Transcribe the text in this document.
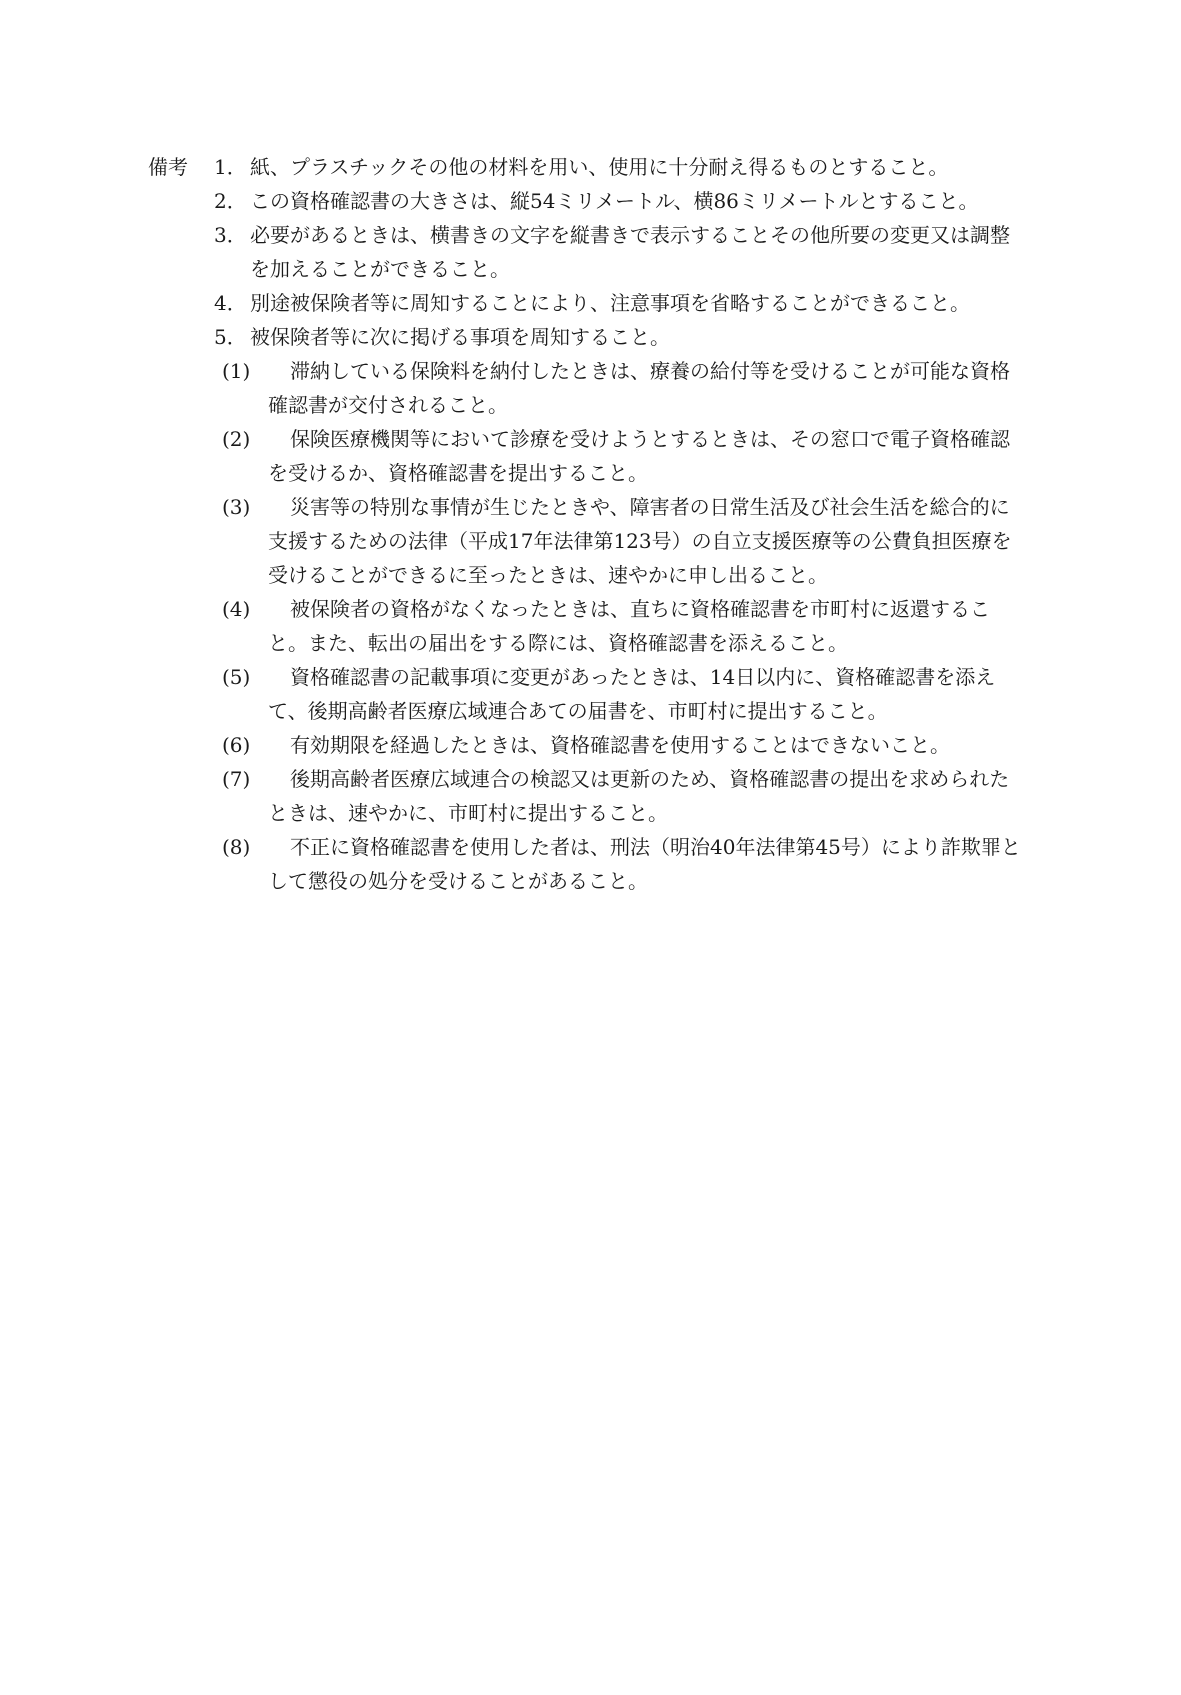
備考	1． 紙、プラスチックその他の材料を用い、使用に十分耐え得るものとすること。
2． この資格確認書の大きさは、縦54ミリメートル、横86ミリメートルとすること。
3． 必要があるときは、横書きの文字を縦書きで表示することその他所要の変更又は調整を加えることができること。
4． 別途被保険者等に周知することにより、注意事項を省略することができること。
5． 被保険者等に次に掲げる事項を周知すること。
(1)	滞納している保険料を納付したときは、療養の給付等を受けることが可能な資格確認書が交付されること。
(2)	保険医療機関等において診療を受けようとするときは、その窓口で電子資格確認を受けるか、資格確認書を提出すること。
(3)	災害等の特別な事情が生じたときや、障害者の日常生活及び社会生活を総合的に支援するための法律（平成17年法律第123号）の自立支援医療等の公費負担医療を受けることができるに至ったときは、速やかに申し出ること。
(4)	被保険者の資格がなくなったときは、直ちに資格確認書を市町村に返還すること。また、転出の届出をする際には、資格確認書を添えること。
(5)	資格確認書の記載事項に変更があったときは、14日以内に、資格確認書を添えて、後期高齢者医療広域連合あての届書を、市町村に提出すること。
(6)	有効期限を経過したときは、資格確認書を使用することはできないこと。
(7)	後期高齢者医療広域連合の検認又は更新のため、資格確認書の提出を求められたときは、速やかに、市町村に提出すること。
(8)	不正に資格確認書を使用した者は、刑法（明治40年法律第45号）により詐欺罪として懲役の処分を受けることがあること。
